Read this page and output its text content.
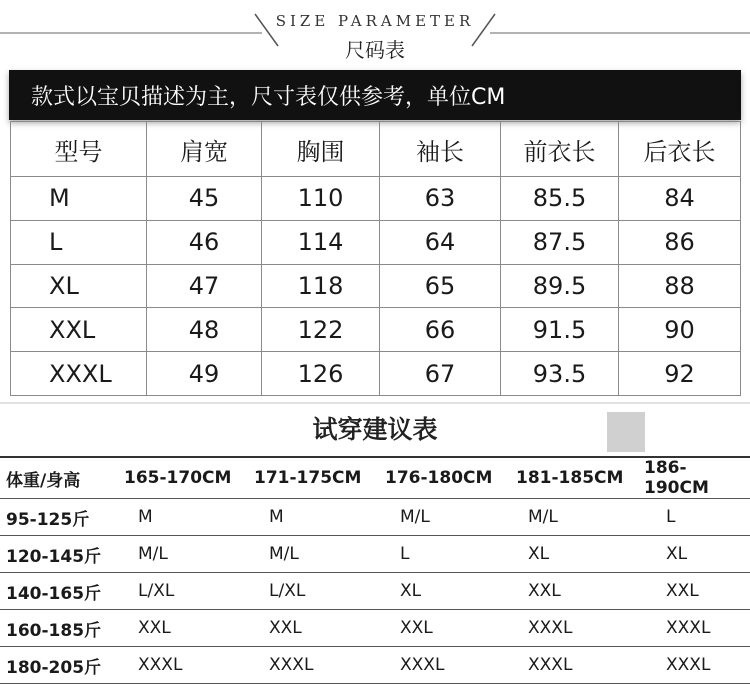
SIZE PARAMETER
尺码表
款式以宝贝描述为主，尺寸表仅供参考，单位CM
型号	肩宽	胸围	袖长	前衣长	后衣长
M	45	110	63	85.5	84
L	46	114	64	87.5	86
XL	47	118	65	89.5	88
XXL	48	122	66	91.5	90
XXXL	49	126	67	93.5	92
试穿建议表
体重/身高	165-170CM	171-175CM	176-180CM	181-185CM	186-190CM
95-125斤	M	M	M/L	M/L	L
120-145斤	M/L	M/L	L	XL	XL
140-165斤	L/XL	L/XL	XL	XXL	XXL
160-185斤	XXL	XXL	XXL	XXXL	XXXL
180-205斤	XXXL	XXXL	XXXL	XXXL	XXXL
